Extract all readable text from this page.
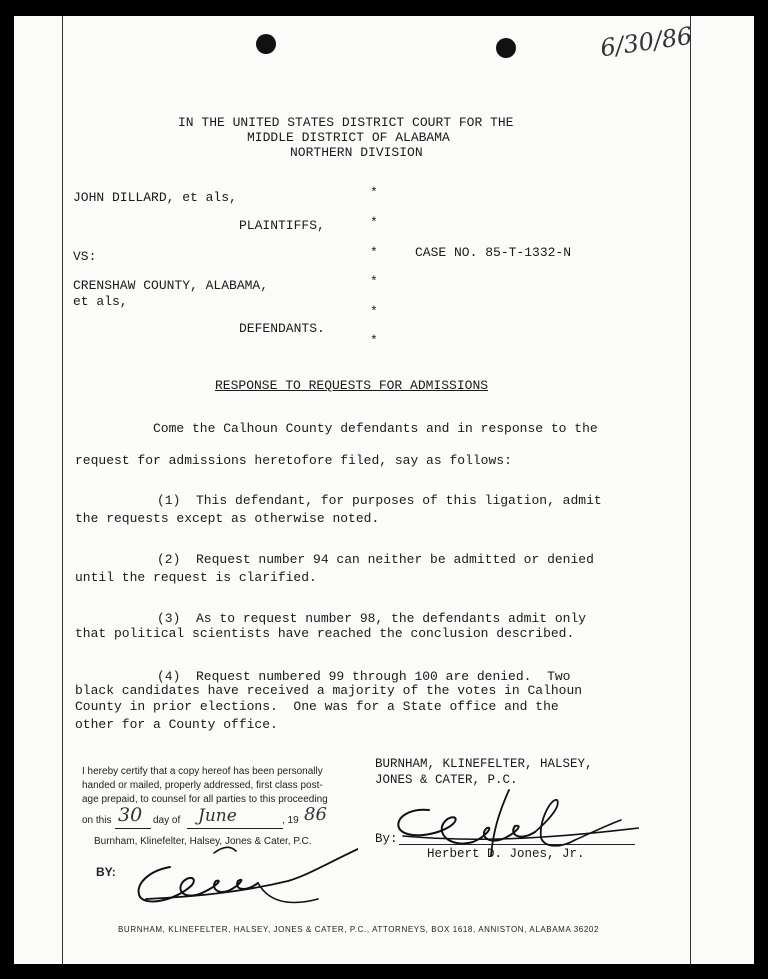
6/30/86
IN THE UNITED STATES DISTRICT COURT FOR THE
MIDDLE DISTRICT OF ALABAMA
NORTHERN DIVISION
JOHN DILLARD, et als,
PLAINTIFFS,
VS:	CASE NO. 85-T-1332-N
CRENSHAW COUNTY, ALABAMA,
et als,
DEFENDANTS.
*
*
*
*
*
*
RESPONSE TO REQUESTS FOR ADMISSIONS
Come the Calhoun County defendants and in response to the
request for admissions heretofore filed, say as follows:
(1)  This defendant, for purposes of this ligation, admit
the requests except as otherwise noted.
(2)  Request number 94 can neither be admitted or denied
until the request is clarified.
(3)  As to request number 98, the defendants admit only
that political scientists have reached the conclusion described.
(4)  Request numbered 99 through 100 are denied.  Two
black candidates have received a majority of the votes in Calhoun
County in prior elections.  One was for a State office and the
other for a County office.
I hereby certify that a copy hereof has been personally
handed or mailed, properly addressed, first class post-
age prepaid, to counsel for all parties to this proceeding
on this 30 day of June	, 19 86
Burnham, Klinefelter, Halsey, Jones & Cater, P.C.
BY:
BURNHAM, KLINEFELTER, HALSEY,
JONES & CATER, P.C.
By:
Herbert D. Jones, Jr.
BURNHAM, KLINEFELTER, HALSEY, JONES & CATER, P.C., ATTORNEYS, BOX 1618, ANNISTON, ALABAMA 36202
